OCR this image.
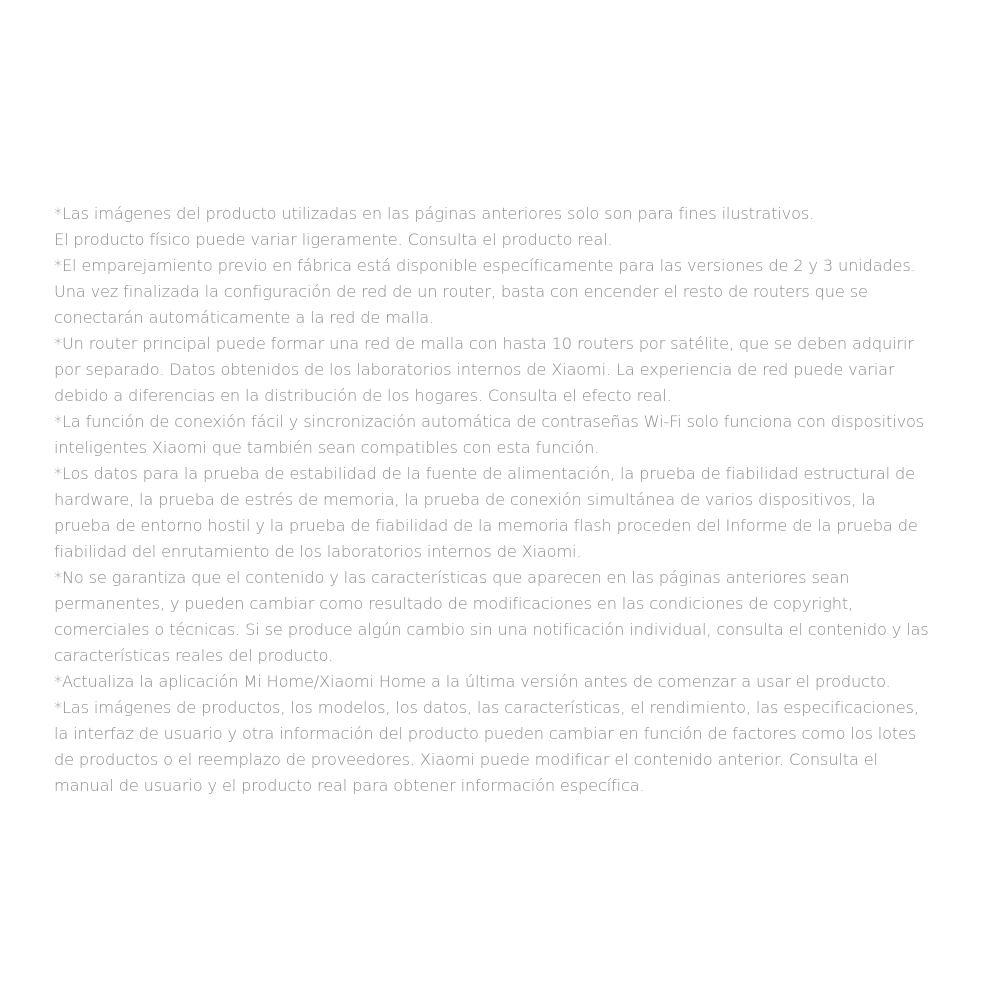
*Las imágenes del producto utilizadas en las páginas anteriores solo son para fines ilustrativos.
El producto físico puede variar ligeramente. Consulta el producto real.
*El emparejamiento previo en fábrica está disponible específicamente para las versiones de 2 y 3 unidades.
Una vez finalizada la configuración de red de un router, basta con encender el resto de routers que se
conectarán automáticamente a la red de malla.
*Un router principal puede formar una red de malla con hasta 10 routers por satélite, que se deben adquirir
por separado. Datos obtenidos de los laboratorios internos de Xiaomi. La experiencia de red puede variar
debido a diferencias en la distribución de los hogares. Consulta el efecto real.
*La función de conexión fácil y sincronización automática de contraseñas Wi-Fi solo funciona con dispositivos
inteligentes Xiaomi que también sean compatibles con esta función.
*Los datos para la prueba de estabilidad de la fuente de alimentación, la prueba de fiabilidad estructural de
hardware, la prueba de estrés de memoria, la prueba de conexión simultánea de varios dispositivos, la
prueba de entorno hostil y la prueba de fiabilidad de la memoria flash proceden del Informe de la prueba de
fiabilidad del enrutamiento de los laboratorios internos de Xiaomi.
*No se garantiza que el contenido y las características que aparecen en las páginas anteriores sean
permanentes, y pueden cambiar como resultado de modificaciones en las condiciones de copyright,
comerciales o técnicas. Si se produce algún cambio sin una notificación individual, consulta el contenido y las
características reales del producto.
*Actualiza la aplicación Mi Home/Xiaomi Home a la última versión antes de comenzar a usar el producto.
*Las imágenes de productos, los modelos, los datos, las características, el rendimiento, las especificaciones,
la interfaz de usuario y otra información del producto pueden cambiar en función de factores como los lotes
de productos o el reemplazo de proveedores. Xiaomi puede modificar el contenido anterior. Consulta el
manual de usuario y el producto real para obtener información específica.
